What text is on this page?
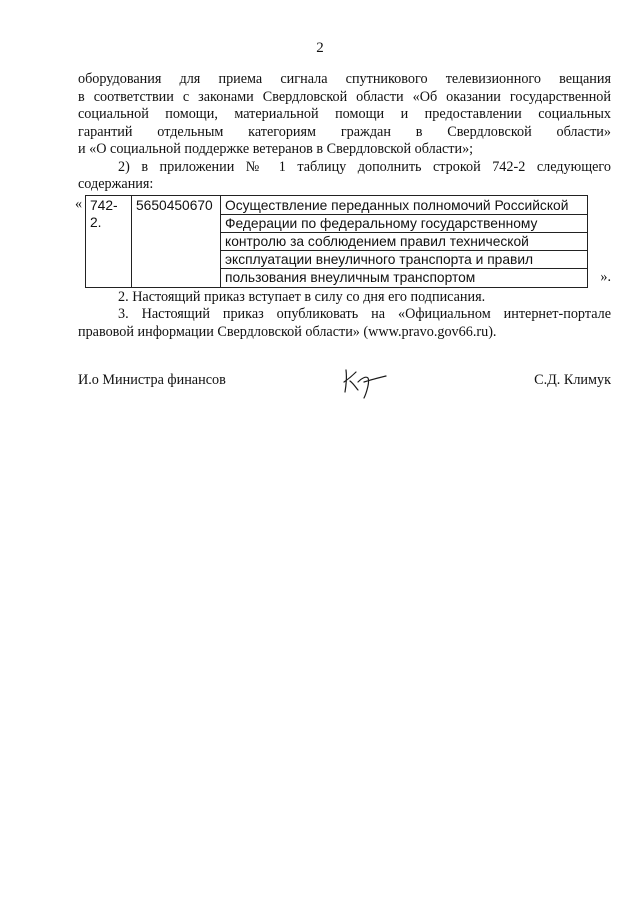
2

оборудования для приема сигнала спутникового телевизионного вещания

в соответствии с законами Свердловской области «Об оказании государственной

социальной помощи, материальной помощи и предоставлении социальных

гарантий отдельным категориям граждан в Свердловской области»

и «О социальной поддержке ветеранов в Свердловской области»;

2) в приложении № 1 таблицу дополнить строкой 742-2 следующего

содержания:

« 742-2.	5650450670	Осуществление переданных полномочий Российской
Федерации по федеральному государственному
контролю за соблюдением правил технической
эксплуатации внеуличного транспорта и правил
пользования внеуличным транспортом	».

2. Настоящий приказ вступает в силу со дня его подписания.

3. Настоящий приказ опубликовать на «Официальном интернет-портале

правовой информации Свердловской области» (www.pravo.gov66.ru).

И.о Министра финансов	С.Д. Климук
